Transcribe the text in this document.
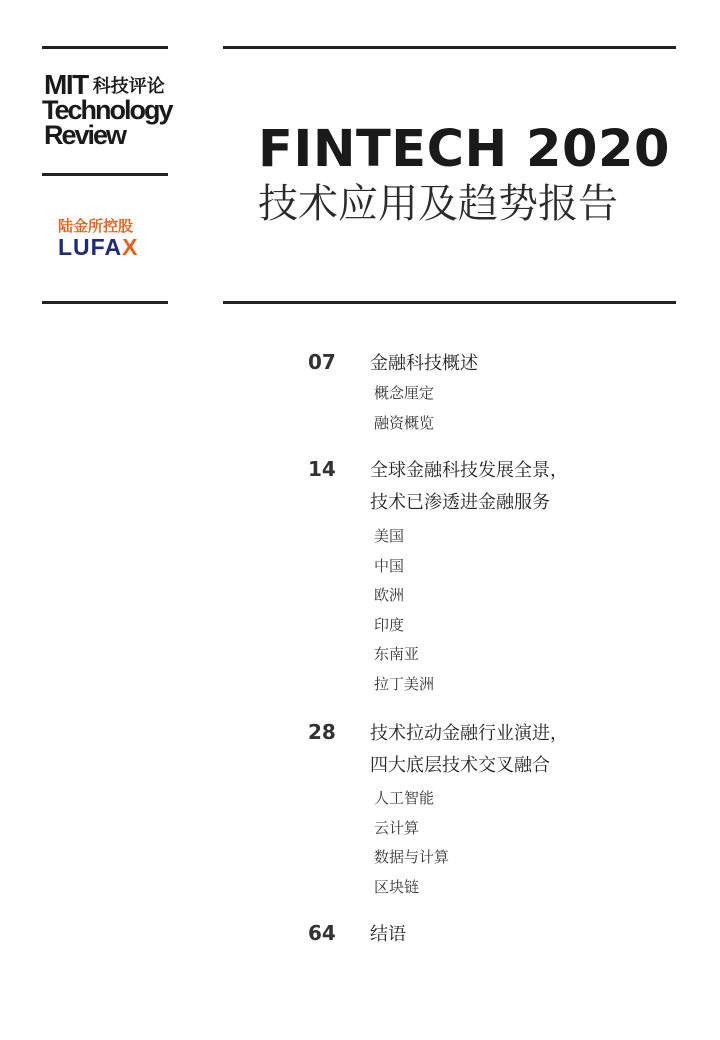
MIT 科技评论
Technology
Review
陆金所控股
LUFAX
FINTECH 2020
技术应用及趋势报告
07 金融科技概述
概念厘定
融资概览
14 全球金融科技发展全景，
技术已渗透进金融服务
美国
中国
欧洲
印度
东南亚
拉丁美洲
28 技术拉动金融行业演进，
四大底层技术交叉融合
人工智能
云计算
数据与计算
区块链
64 结语
